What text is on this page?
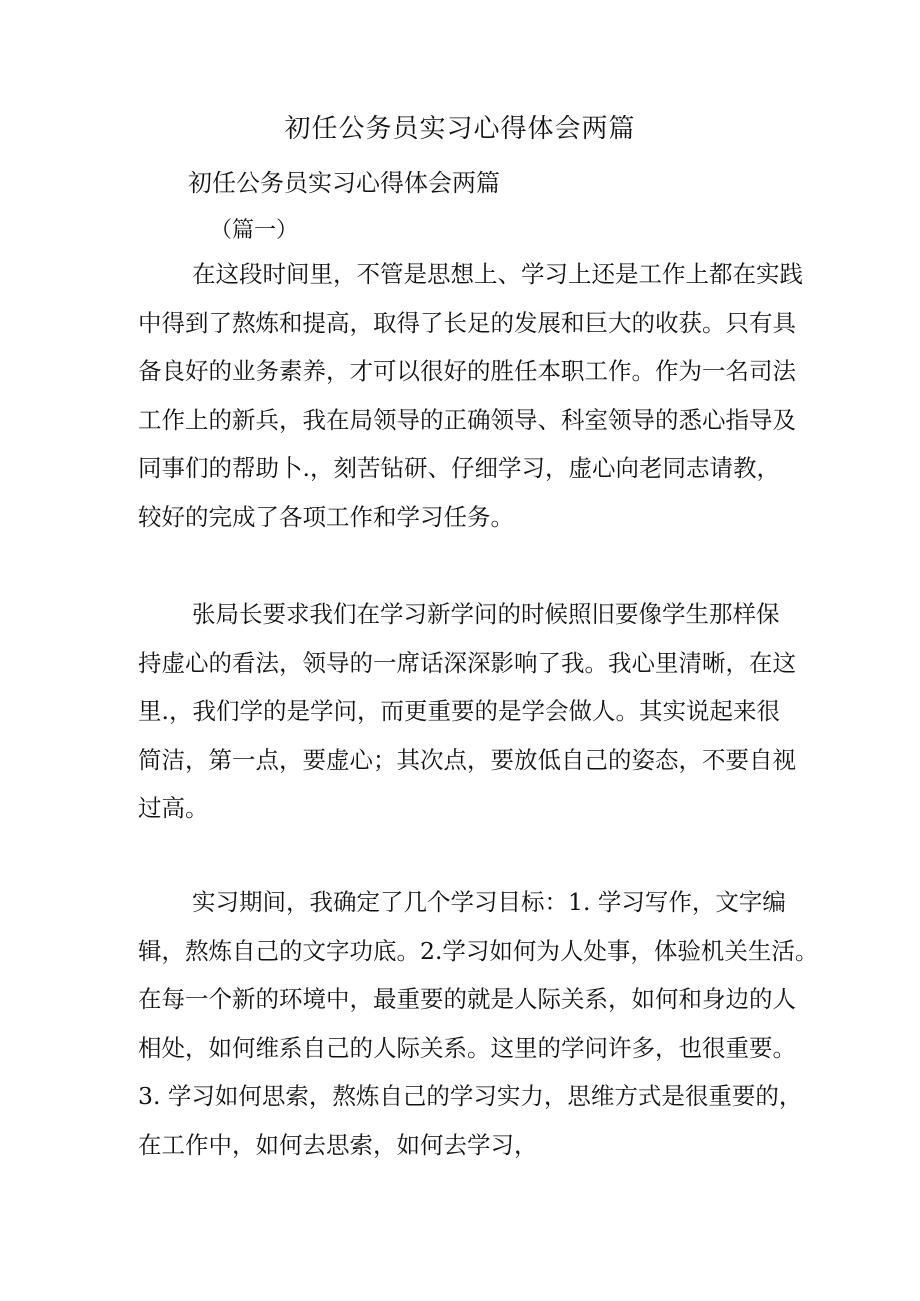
初任公务员实习心得体会两篇
初任公务员实习心得体会两篇
（篇一）
在这段时间里，不管是思想上、学习上还是工作上都在实践
中得到了熬炼和提高，取得了长足的发展和巨大的收获。只有具
备良好的业务素养，才可以很好的胜任本职工作。作为一名司法
工作上的新兵，我在局领导的正确领导、科室领导的悉心指导及
同事们的帮助卜.，刻苦钻研、仔细学习，虚心向老同志请教，
较好的完成了各项工作和学习任务。
张局长要求我们在学习新学问的时候照旧要像学生那样保
持虚心的看法，领导的一席话深深影响了我。我心里清晰，在这
里.，我们学的是学问，而更重要的是学会做人。其实说起来很
简洁，第一点，要虚心；其次点，要放低自己的姿态，不要自视
过高。
实习期间，我确定了几个学习目标：1. 学习写作，文字编
辑，熬炼自己的文字功底。2.学习如何为人处事，体验机关生活。
在每一个新的环境中，最重要的就是人际关系，如何和身边的人
相处，如何维系自己的人际关系。这里的学问许多，也很重要。
3. 学习如何思索，熬炼自己的学习实力，思维方式是很重要的，
在工作中，如何去思索，如何去学习，
